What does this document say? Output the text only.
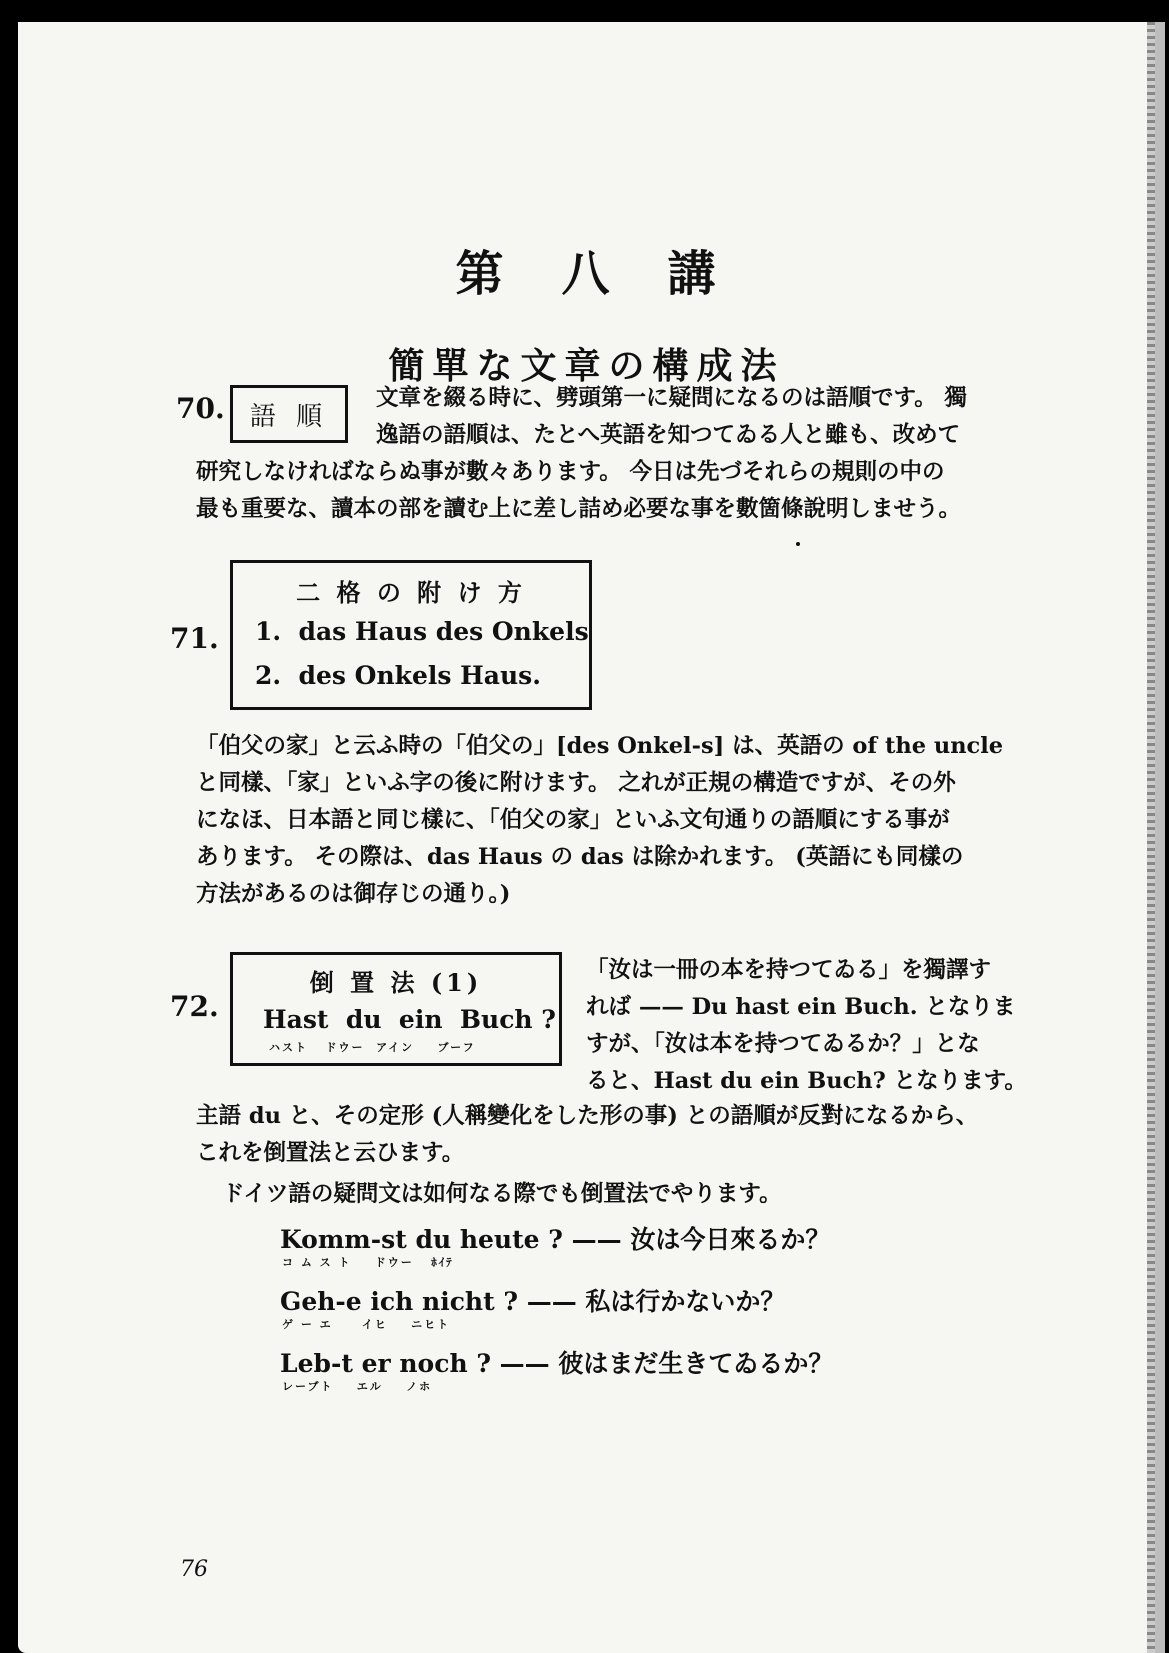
第 八 講
簡單な文章の構成法
70. 語 順
文章を綴る時に、劈頭第一に疑問になるのは語順です。 獨
逸語の語順は、たとへ英語を知つてゐる人と雖も、改めて
研究しなければならぬ事が數々あります。 今日は先づそれらの規則の中の
最も重要な、讀本の部を讀む上に差し詰め必要な事を數箇條說明しませう。
71.
二 格 の 附 け 方
1.  das Haus des Onkels
2.  des Onkels Haus.
「伯父の家」と云ふ時の「伯父の」[des Onkel-s] は、英語の of the uncle
と同樣、「家」といふ字の後に附けます。 之れが正規の構造ですが、その外
になほ、日本語と同じ樣に、「伯父の家」といふ文句通りの語順にする事が
あります。 その際は、das Haus の das は除かれます。 (英語にも同樣の
方法があるのは御存じの通り。)
72.
倒 置 法 (1)
Hast  du  ein  Buch ?
ハスト   ドウー  アイン    ブーフ
「汝は一冊の本を持つてゐる」を獨譯す
れば —— Du hast ein Buch. となりま
すが、「汝は本を持つてゐるか？」とな
ると、Hast du ein Buch? となります。
主語 du と、その定形 (人稱變化をした形の事) との語順が反對になるから、
これを倒置法と云ひます。
ドイツ語の疑問文は如何なる際でも倒置法でやります。
Komm-st du heute ? —— 汝は今日來るか？
コ ム ス ト    ドウー   ﾎｲﾃ
Geh-e ich nicht ? —— 私は行かないか？
ゲ ー エ     イヒ    ニヒト
Leb-t er noch ? —— 彼はまだ生きてゐるか？
レーブト    エル    ノホ
76
